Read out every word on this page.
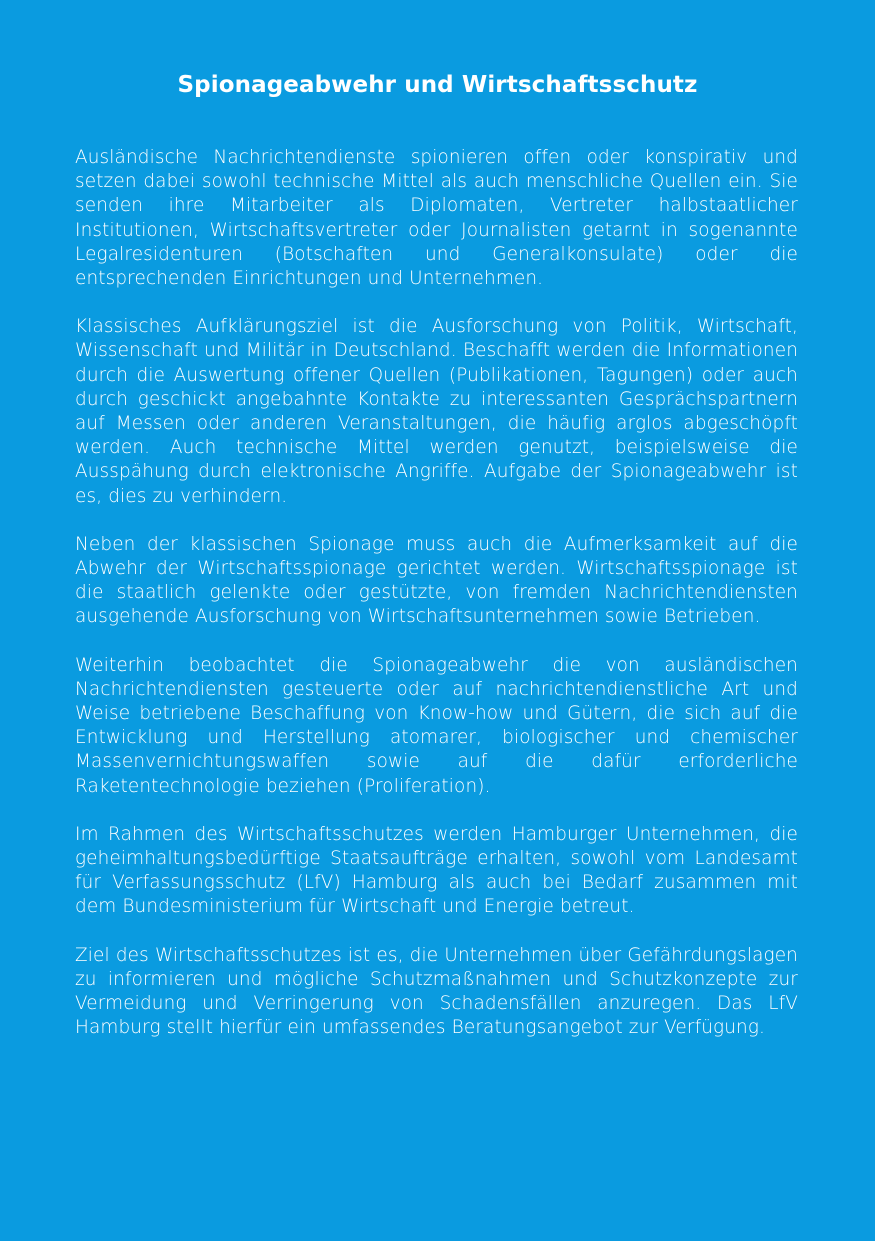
Spionageabwehr und Wirtschaftsschutz

Ausländische Nachrichtendienste spionieren offen oder konspirativ und setzen dabei sowohl technische Mittel als auch menschliche Quellen ein. Sie senden ihre Mitarbeiter als Diplomaten, Vertreter halbstaatlicher Institutionen, Wirtschaftsvertreter oder Journalisten getarnt in sogenannte Legalresidenturen (Botschaften und Generalkonsulate) oder die entsprechenden Einrichtungen und Unternehmen.

Klassisches Aufklärungsziel ist die Ausforschung von Politik, Wirtschaft, Wissenschaft und Militär in Deutschland. Beschafft werden die Informationen durch die Auswertung offener Quellen (Publikationen, Tagungen) oder auch durch geschickt angebahnte Kontakte zu interessanten Gesprächspartnern auf Messen oder anderen Veranstaltungen, die häufig arglos abgeschöpft werden. Auch technische Mittel werden genutzt, beispielsweise die Ausspähung durch elektronische Angriffe. Aufgabe der Spionageabwehr ist es, dies zu verhindern.

Neben der klassischen Spionage muss auch die Aufmerksamkeit auf die Abwehr der Wirtschaftsspionage gerichtet werden. Wirtschaftsspionage ist die staatlich gelenkte oder gestützte, von fremden Nachrichtendiensten ausgehende Ausforschung von Wirtschaftsunternehmen sowie Betrieben.

Weiterhin beobachtet die Spionageabwehr die von ausländischen Nachrichtendiensten gesteuerte oder auf nachrichtendienstliche Art und Weise betriebene Beschaffung von Know-how und Gütern, die sich auf die Entwicklung und Herstellung atomarer, biologischer und chemischer Massenvernichtungswaffen sowie auf die dafür erforderliche Raketentechnologie beziehen (Proliferation).

Im Rahmen des Wirtschaftsschutzes werden Hamburger Unternehmen, die geheimhaltungsbedürftige Staatsaufträge erhalten, sowohl vom Landesamt für Verfassungsschutz (LfV) Hamburg als auch bei Bedarf zusammen mit dem Bundesministerium für Wirtschaft und Energie betreut.

Ziel des Wirtschaftsschutzes ist es, die Unternehmen über Gefährdungslagen zu informieren und mögliche Schutzmaßnahmen und Schutzkonzepte zur Vermeidung und Verringerung von Schadensfällen anzuregen. Das LfV Hamburg stellt hierfür ein umfassendes Beratungsangebot zur Verfügung.
